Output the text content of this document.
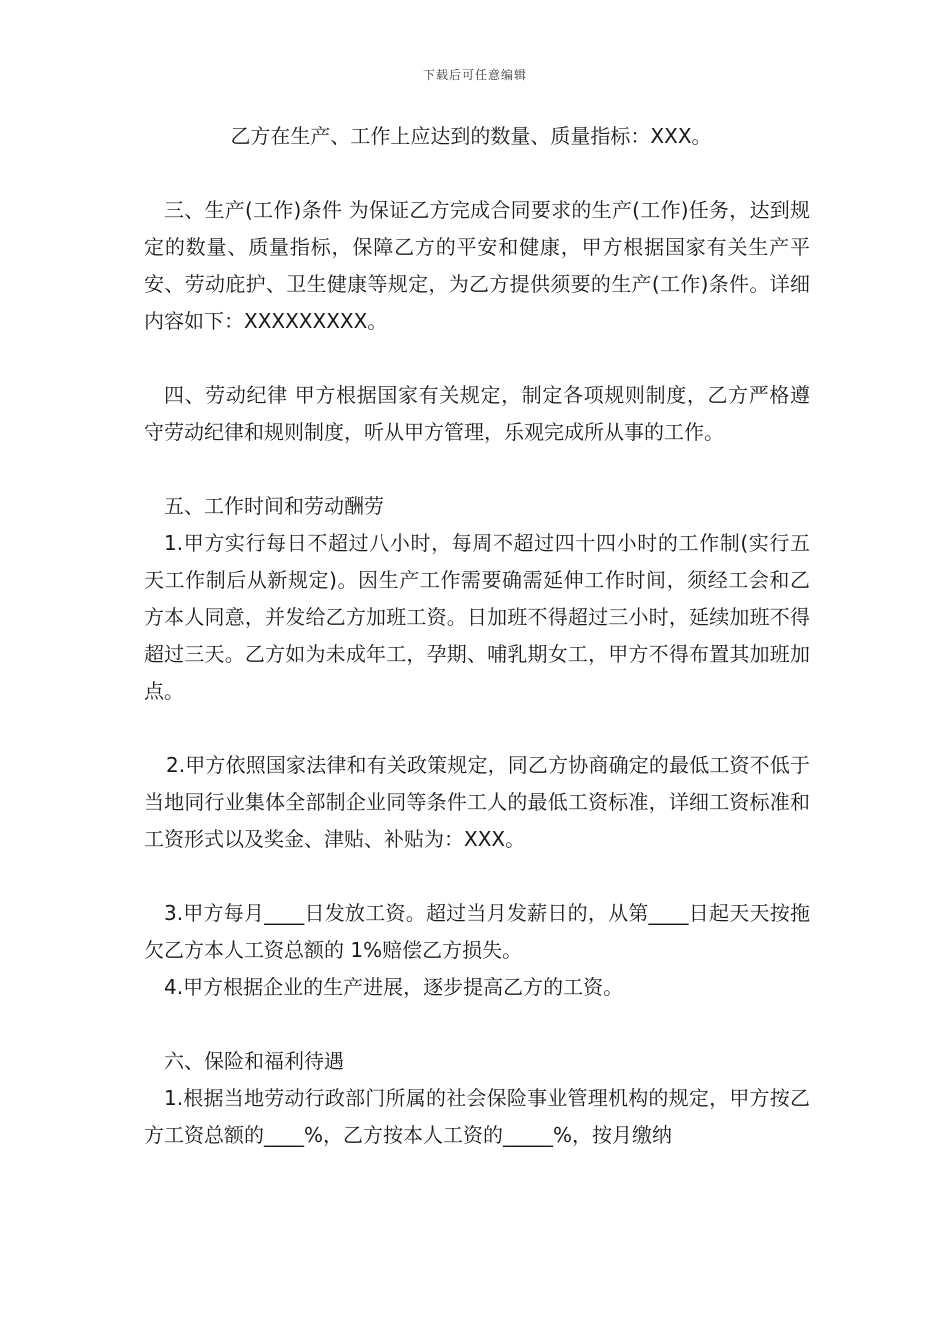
下载后可任意编辑

乙方在生产、工作上应达到的数量、质量指标：XXX。

三、生产(工作)条件 为保证乙方完成合同要求的生产(工作)任务，达到规定的数量、质量指标，保障乙方的平安和健康，甲方根据国家有关生产平安、劳动庇护、卫生健康等规定，为乙方提供须要的生产(工作)条件。详细内容如下：XXXXXXXXX。

四、劳动纪律 甲方根据国家有关规定，制定各项规则制度，乙方严格遵守劳动纪律和规则制度，听从甲方管理，乐观完成所从事的工作。

五、工作时间和劳动酬劳

1.甲方实行每日不超过八小时，每周不超过四十四小时的工作制(实行五天工作制后从新规定)。因生产工作需要确需延伸工作时间，须经工会和乙方本人同意，并发给乙方加班工资。日加班不得超过三小时，延续加班不得超过三天。乙方如为未成年工，孕期、哺乳期女工，甲方不得布置其加班加点。

2.甲方依照国家法律和有关政策规定，同乙方协商确定的最低工资不低于当地同行业集体全部制企业同等条件工人的最低工资标准，详细工资标准和工资形式以及奖金、津贴、补贴为：XXX。

3.甲方每月____日发放工资。超过当月发薪日的，从第____日起天天按拖欠乙方本人工资总额的 1%赔偿乙方损失。

4.甲方根据企业的生产进展，逐步提高乙方的工资。

六、保险和福利待遇

1.根据当地劳动行政部门所属的社会保险事业管理机构的规定，甲方按乙方工资总额的____%，乙方按本人工资的_____%，按月缴纳
